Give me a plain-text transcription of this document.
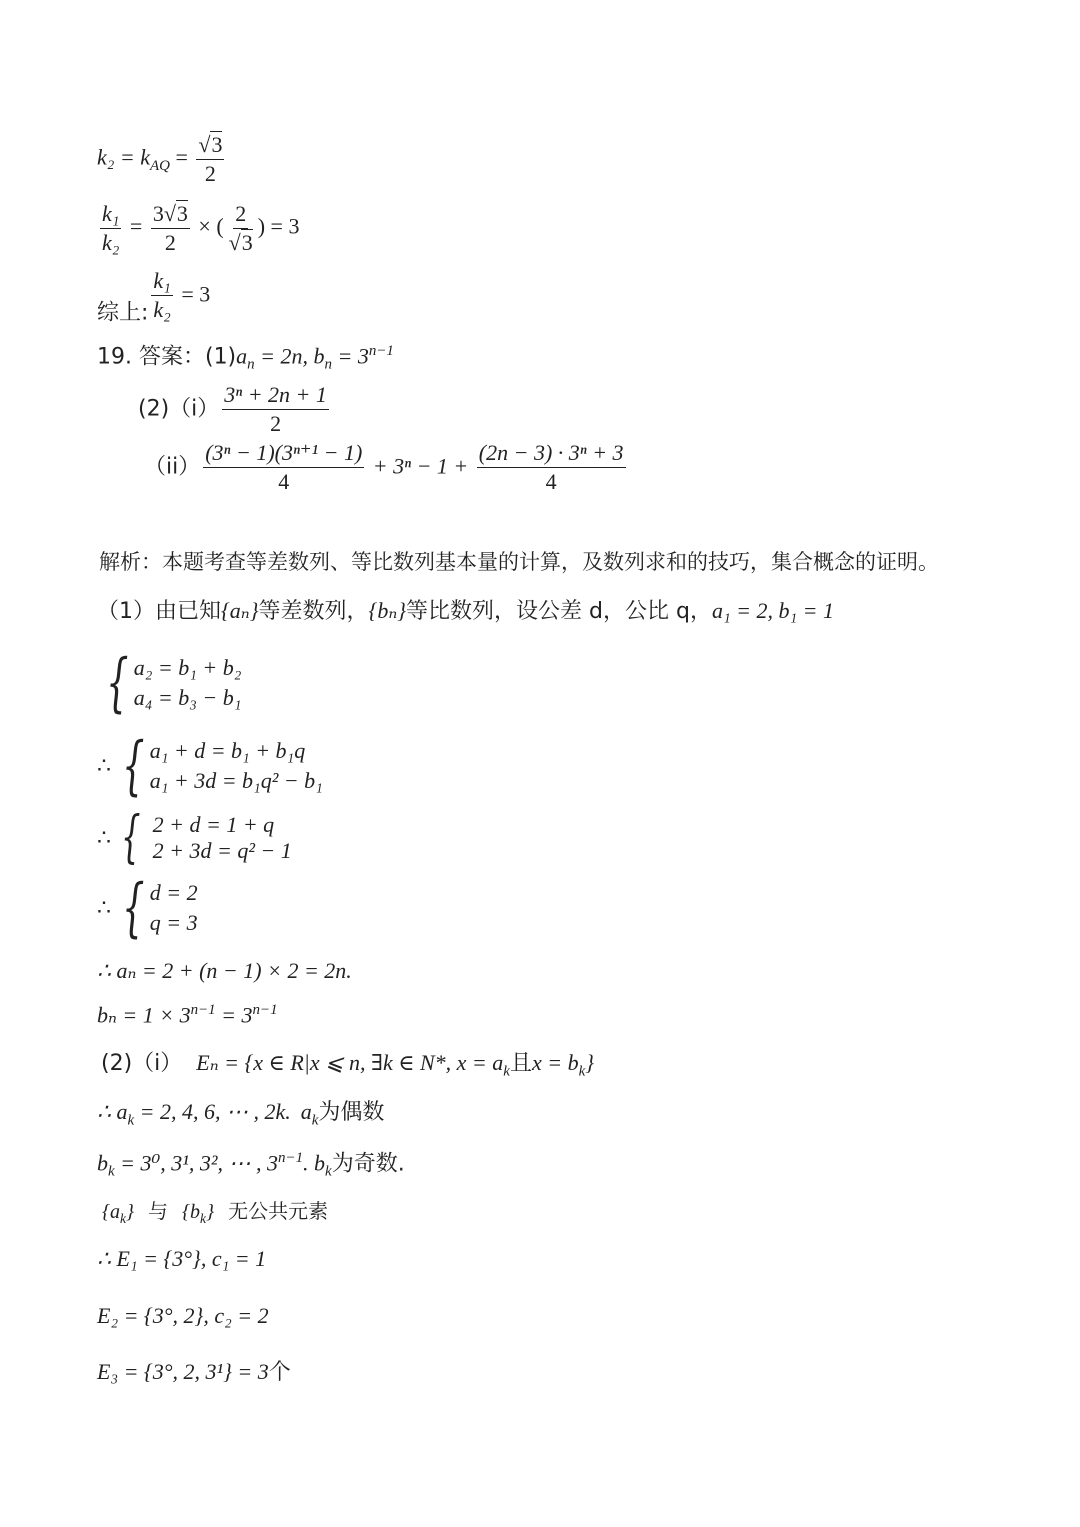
$k_2 = k_{AQ} = \frac{√3}{2}$
$\frac{\text{k₁}}{\text{k₂}} = \frac{3√3}{2}$ × ( $\frac{2}{√3}$ ) = 3
综上: $\frac{\text{k₁}}{\text{k₂}} = 3$
19. 答案：$(1)a_n = 2n$, $b_n = 3^{n-1}$
$(2)(i) \frac{\text{3ⁿ + 2n + 1}}{2}$
$(ii) \frac{\text{(3ⁿ − 1)(3ⁿ⁺¹ − 1)}}{4} + 3^n - 1 + \frac{\text{(2n − 3) · 3ⁿ + 3}}{4}$
解析：本题考查等差数列、等比数列基本量的计算，及数列求和的技巧，集合概念的证明。
（1）由已知{aₙ}等差数列，{bₙ}等比数列，设公差 d，公比 q，a₁ = 2, b₁ = 1
{ a₂ = b₁ + b₂
a₄ = b₃ − b₁
∴ { a₁ + d = b₁ + b₁q
a₁ + 3d = b₁q² − b₁
∴ { 2 + d = 1 + q
2 + 3d = q² − 1
∴ { d = 2
q = 3
∴ aₙ = 2 + (n − 1) × 2 = 2n.
$b_n = 1 \times 3^{n-1} = 3^{n-1}$
(2)（i） Eₙ = {x ∈ R|x ⩽ n, ∃k ∈ N*, $x = a_k$且$x = b_k$}
∴ $a_k = 2$, 4, 6, ⋯ , 2k. $a_k$为偶数
$b_k = 3^0$, 3¹, 3², ⋯ , $3^{n-1}$. $b_k$为奇数.
$\{a_k\}$ 与 $\{b_k\}$ 无公共元素
∴ E₁ = {3°}, c₁ = 1
E₂ = {3°, 2}, c₂ = 2
E₃ = {3°, 2, 3¹} = 3个
